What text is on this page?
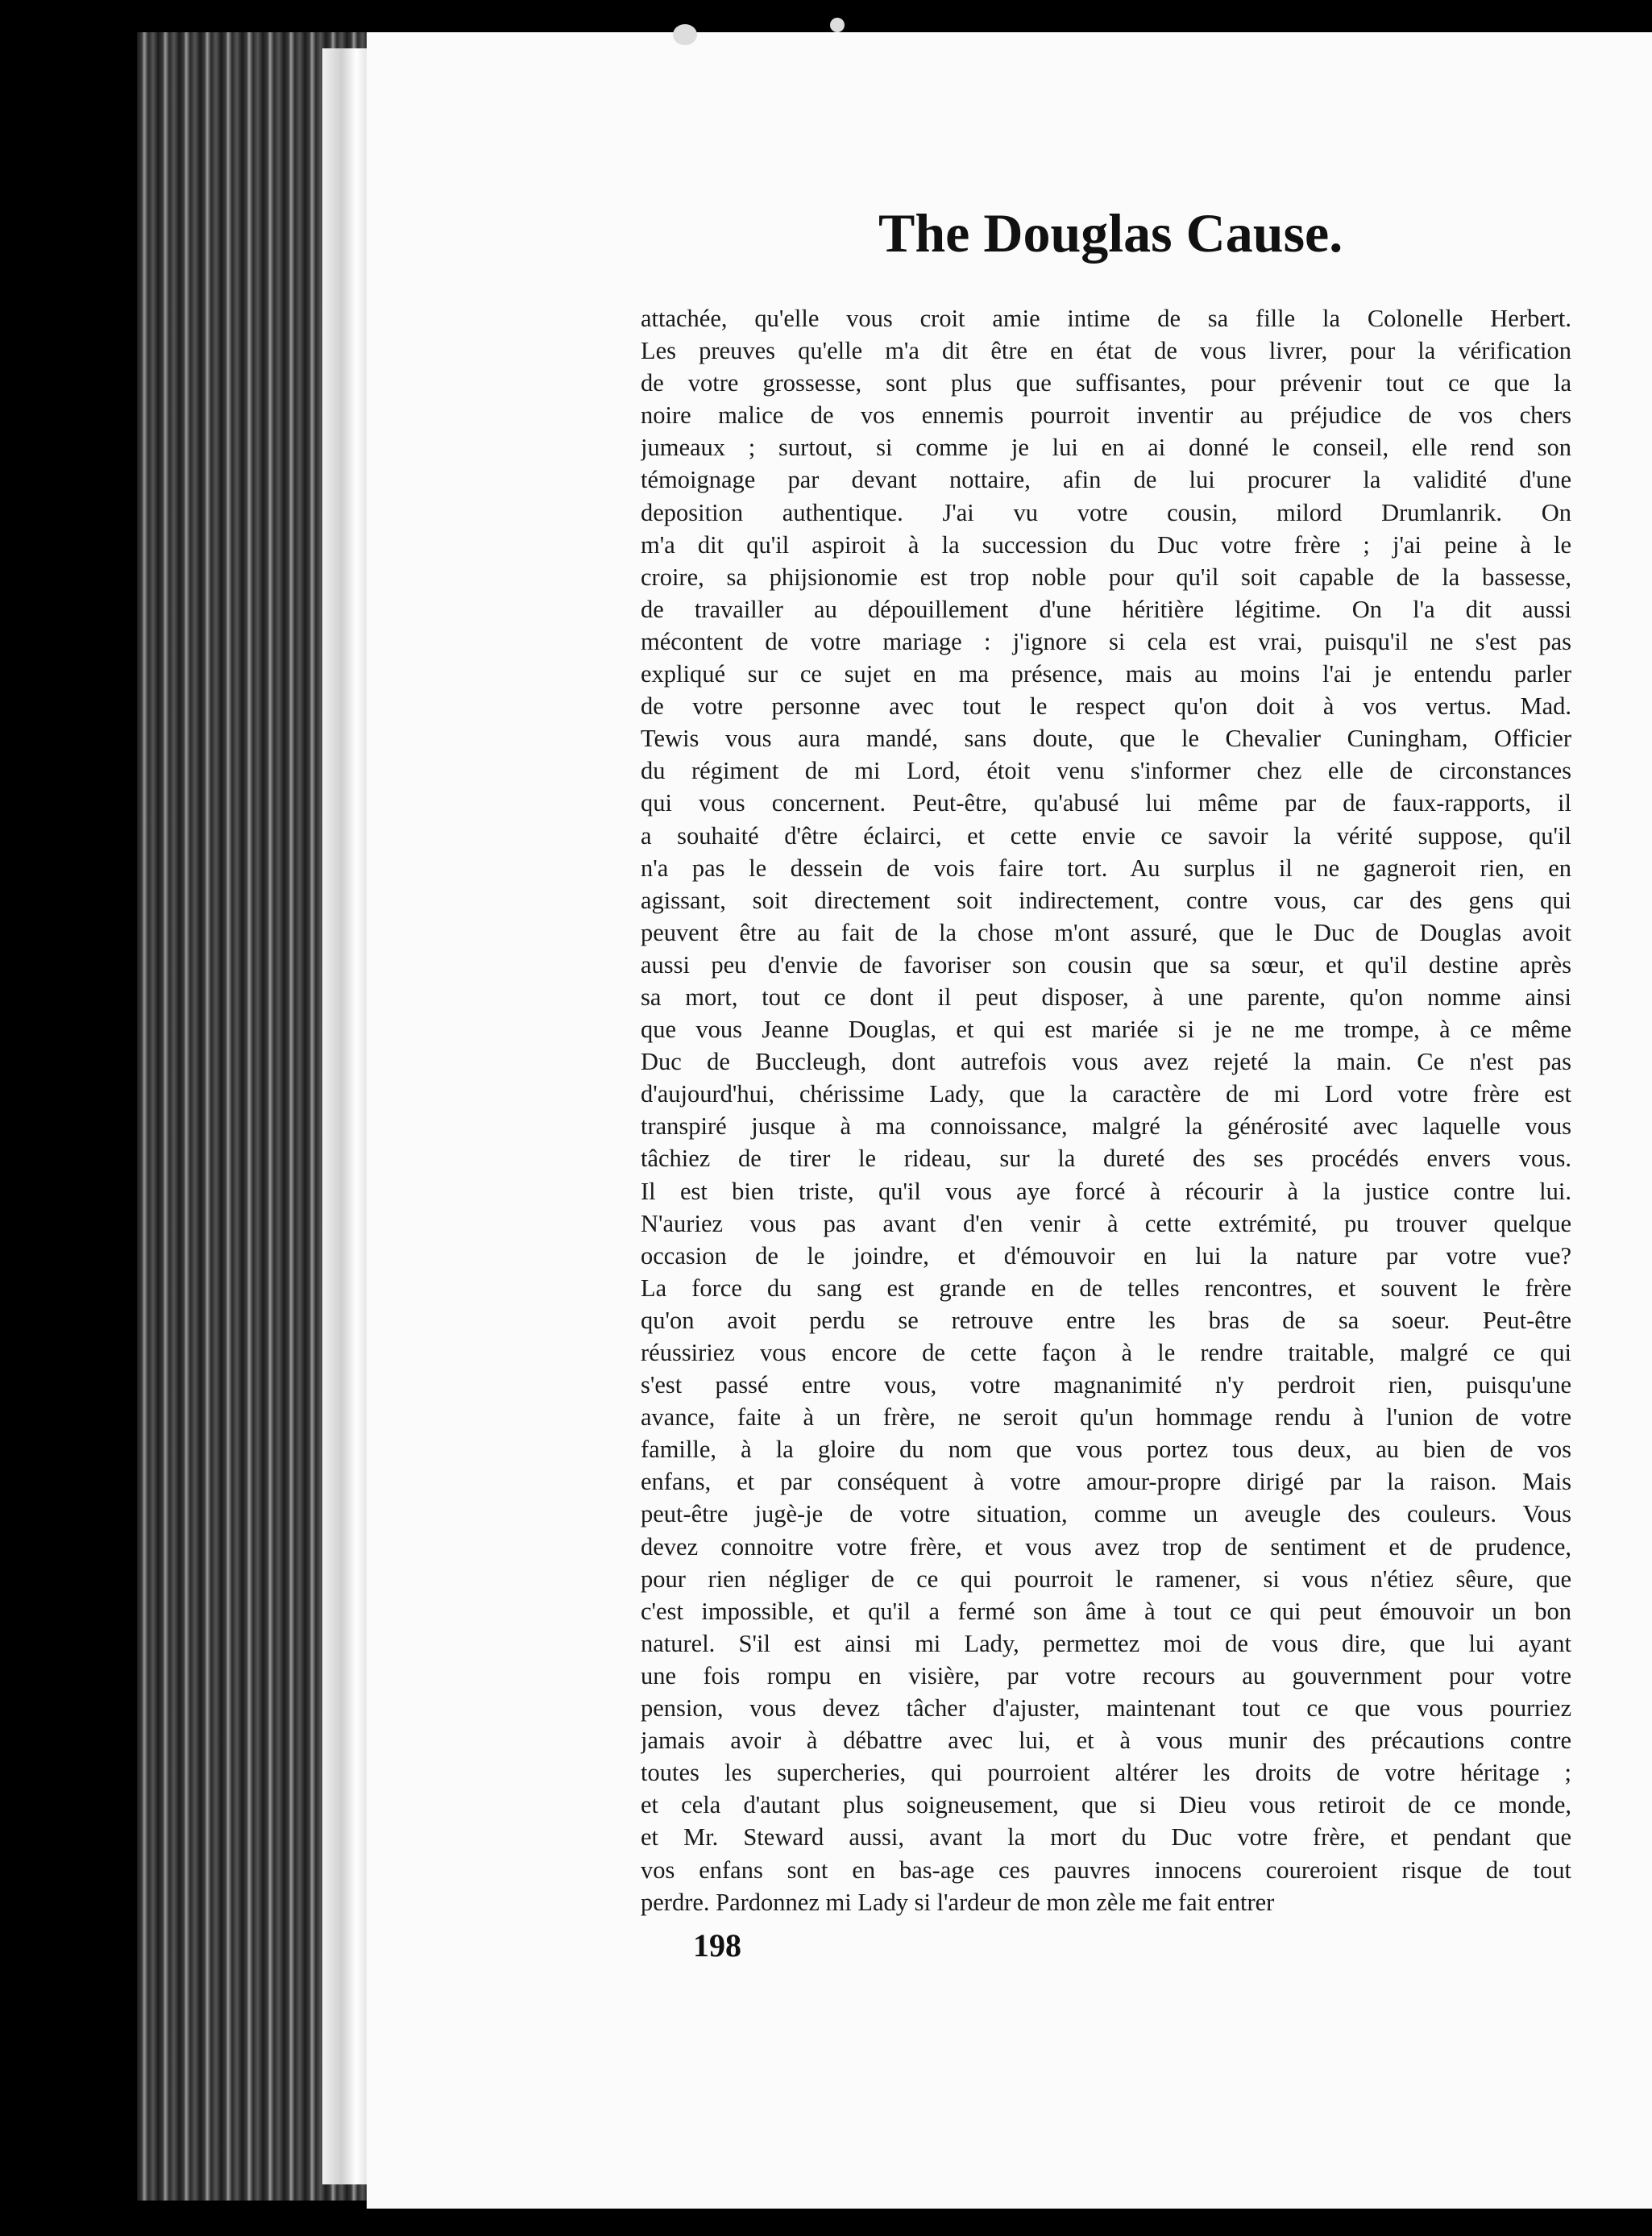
The Douglas Cause.
attachée, qu'elle vous croit amie intime de sa fille la Colonelle Herbert.
Les preuves qu'elle m'a dit être en état de vous livrer, pour la vérification
de votre grossesse, sont plus que suffisantes, pour prévenir tout ce que la
noire malice de vos ennemis pourroit inventir au préjudice de vos chers
jumeaux ; surtout, si comme je lui en ai donné le conseil, elle rend son
témoignage par devant nottaire, afin de lui procurer la validité d'une
deposition authentique. J'ai vu votre cousin, milord Drumlanrik. On
m'a dit qu'il aspiroit à la succession du Duc votre frère ; j'ai peine à le
croire, sa phijsionomie est trop noble pour qu'il soit capable de la bassesse,
de travailler au dépouillement d'une héritière légitime. On l'a dit aussi
mécontent de votre mariage : j'ignore si cela est vrai, puisqu'il ne s'est pas
expliqué sur ce sujet en ma présence, mais au moins l'ai je entendu parler
de votre personne avec tout le respect qu'on doit à vos vertus. Mad.
Tewis vous aura mandé, sans doute, que le Chevalier Cuningham, Officier
du régiment de mi Lord, étoit venu s'informer chez elle de circonstances
qui vous concernent. Peut-être, qu'abusé lui même par de faux-rapports, il
a souhaité d'être éclairci, et cette envie ce savoir la vérité suppose, qu'il
n'a pas le dessein de vois faire tort. Au surplus il ne gagneroit rien, en
agissant, soit directement soit indirectement, contre vous, car des gens qui
peuvent être au fait de la chose m'ont assuré, que le Duc de Douglas avoit
aussi peu d'envie de favoriser son cousin que sa sœur, et qu'il destine après
sa mort, tout ce dont il peut disposer, à une parente, qu'on nomme ainsi
que vous Jeanne Douglas, et qui est mariée si je ne me trompe, à ce même
Duc de Buccleugh, dont autrefois vous avez rejeté la main. Ce n'est pas
d'aujourd'hui, chérissime Lady, que la caractère de mi Lord votre frère est
transpiré jusque à ma connoissance, malgré la générosité avec laquelle vous
tâchiez de tirer le rideau, sur la dureté des ses procédés envers vous.
Il est bien triste, qu'il vous aye forcé à récourir à la justice contre lui.
N'auriez vous pas avant d'en venir à cette extrémité, pu trouver quelque
occasion de le joindre, et d'émouvoir en lui la nature par votre vue?
La force du sang est grande en de telles rencontres, et souvent le frère
qu'on avoit perdu se retrouve entre les bras de sa soeur. Peut-être
réussiriez vous encore de cette façon à le rendre traitable, malgré ce qui
s'est passé entre vous, votre magnanimité n'y perdroit rien, puisqu'une
avance, faite à un frère, ne seroit qu'un hommage rendu à l'union de votre
famille, à la gloire du nom que vous portez tous deux, au bien de vos
enfans, et par conséquent à votre amour-propre dirigé par la raison. Mais
peut-être jugè-je de votre situation, comme un aveugle des couleurs. Vous
devez connoitre votre frère, et vous avez trop de sentiment et de prudence,
pour rien négliger de ce qui pourroit le ramener, si vous n'étiez sêure, que
c'est impossible, et qu'il a fermé son âme à tout ce qui peut émouvoir un bon
naturel. S'il est ainsi mi Lady, permettez moi de vous dire, que lui ayant
une fois rompu en visière, par votre recours au gouvernment pour votre
pension, vous devez tâcher d'ajuster, maintenant tout ce que vous pourriez
jamais avoir à débattre avec lui, et à vous munir des précautions contre
toutes les supercheries, qui pourroient altérer les droits de votre héritage ;
et cela d'autant plus soigneusement, que si Dieu vous retiroit de ce monde,
et Mr. Steward aussi, avant la mort du Duc votre frère, et pendant que
vos enfans sont en bas-age ces pauvres innocens coureroient risque de tout
perdre. Pardonnez mi Lady si l'ardeur de mon zèle me fait entrer
198
